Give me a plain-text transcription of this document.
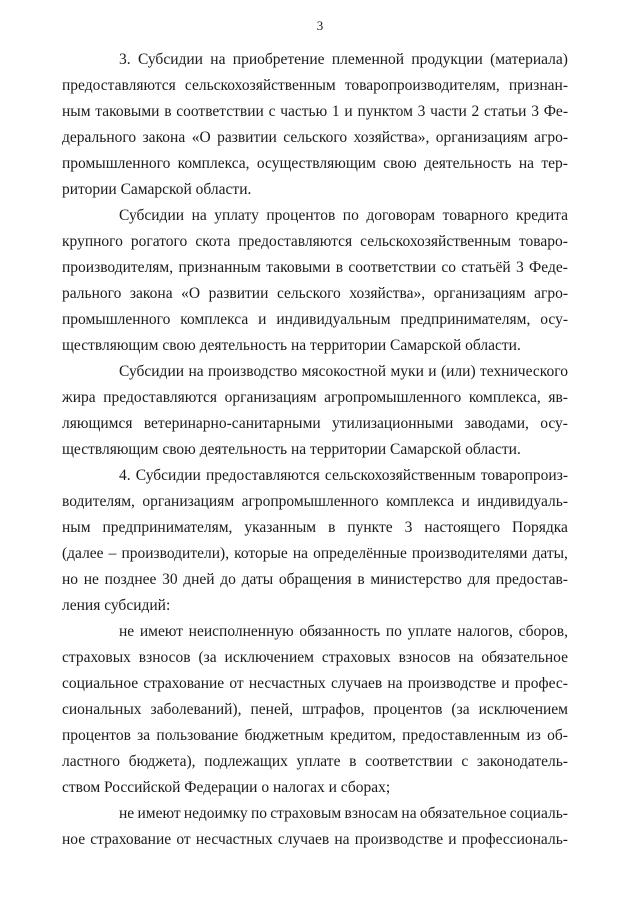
3
3. Субсидии на приобретение племенной продукции (материала)
предоставляются сельскохозяйственным товаропроизводителям, признан-
ным таковыми в соответствии с частью 1 и пунктом 3 части 2 статьи 3 Фе-
дерального закона «О развитии сельского хозяйства», организациям агро-
промышленного комплекса, осуществляющим свою деятельность на тер-
ритории Самарской области.
Субсидии на уплату процентов по договорам товарного кредита
крупного рогатого скота предоставляются сельскохозяйственным товаро-
производителям, признанным таковыми в соответствии со статьёй 3 Феде-
рального закона «О развитии сельского хозяйства», организациям агро-
промышленного комплекса и индивидуальным предпринимателям, осу-
ществляющим свою деятельность на территории Самарской области.
Субсидии на производство мясокостной муки и (или) технического
жира предоставляются организациям агропромышленного комплекса, яв-
ляющимся ветеринарно-санитарными утилизационными заводами, осу-
ществляющим свою деятельность на территории Самарской области.
4. Субсидии предоставляются сельскохозяйственным товаропроиз-
водителям, организациям агропромышленного комплекса и индивидуаль-
ным предпринимателям, указанным в пункте 3 настоящего Порядка
(далее – производители), которые на определённые производителями даты,
но не позднее 30 дней до даты обращения в министерство для предостав-
ления субсидий:
не имеют неисполненную обязанность по уплате налогов, сборов,
страховых взносов (за исключением страховых взносов на обязательное
социальное страхование от несчастных случаев на производстве и профес-
сиональных заболеваний), пеней, штрафов, процентов (за исключением
процентов за пользование бюджетным кредитом, предоставленным из об-
ластного бюджета), подлежащих уплате в соответствии с законодатель-
ством Российской Федерации о налогах и сборах;
не имеют недоимку по страховым взносам на обязательное социаль-
ное страхование от несчастных случаев на производстве и профессиональ-
